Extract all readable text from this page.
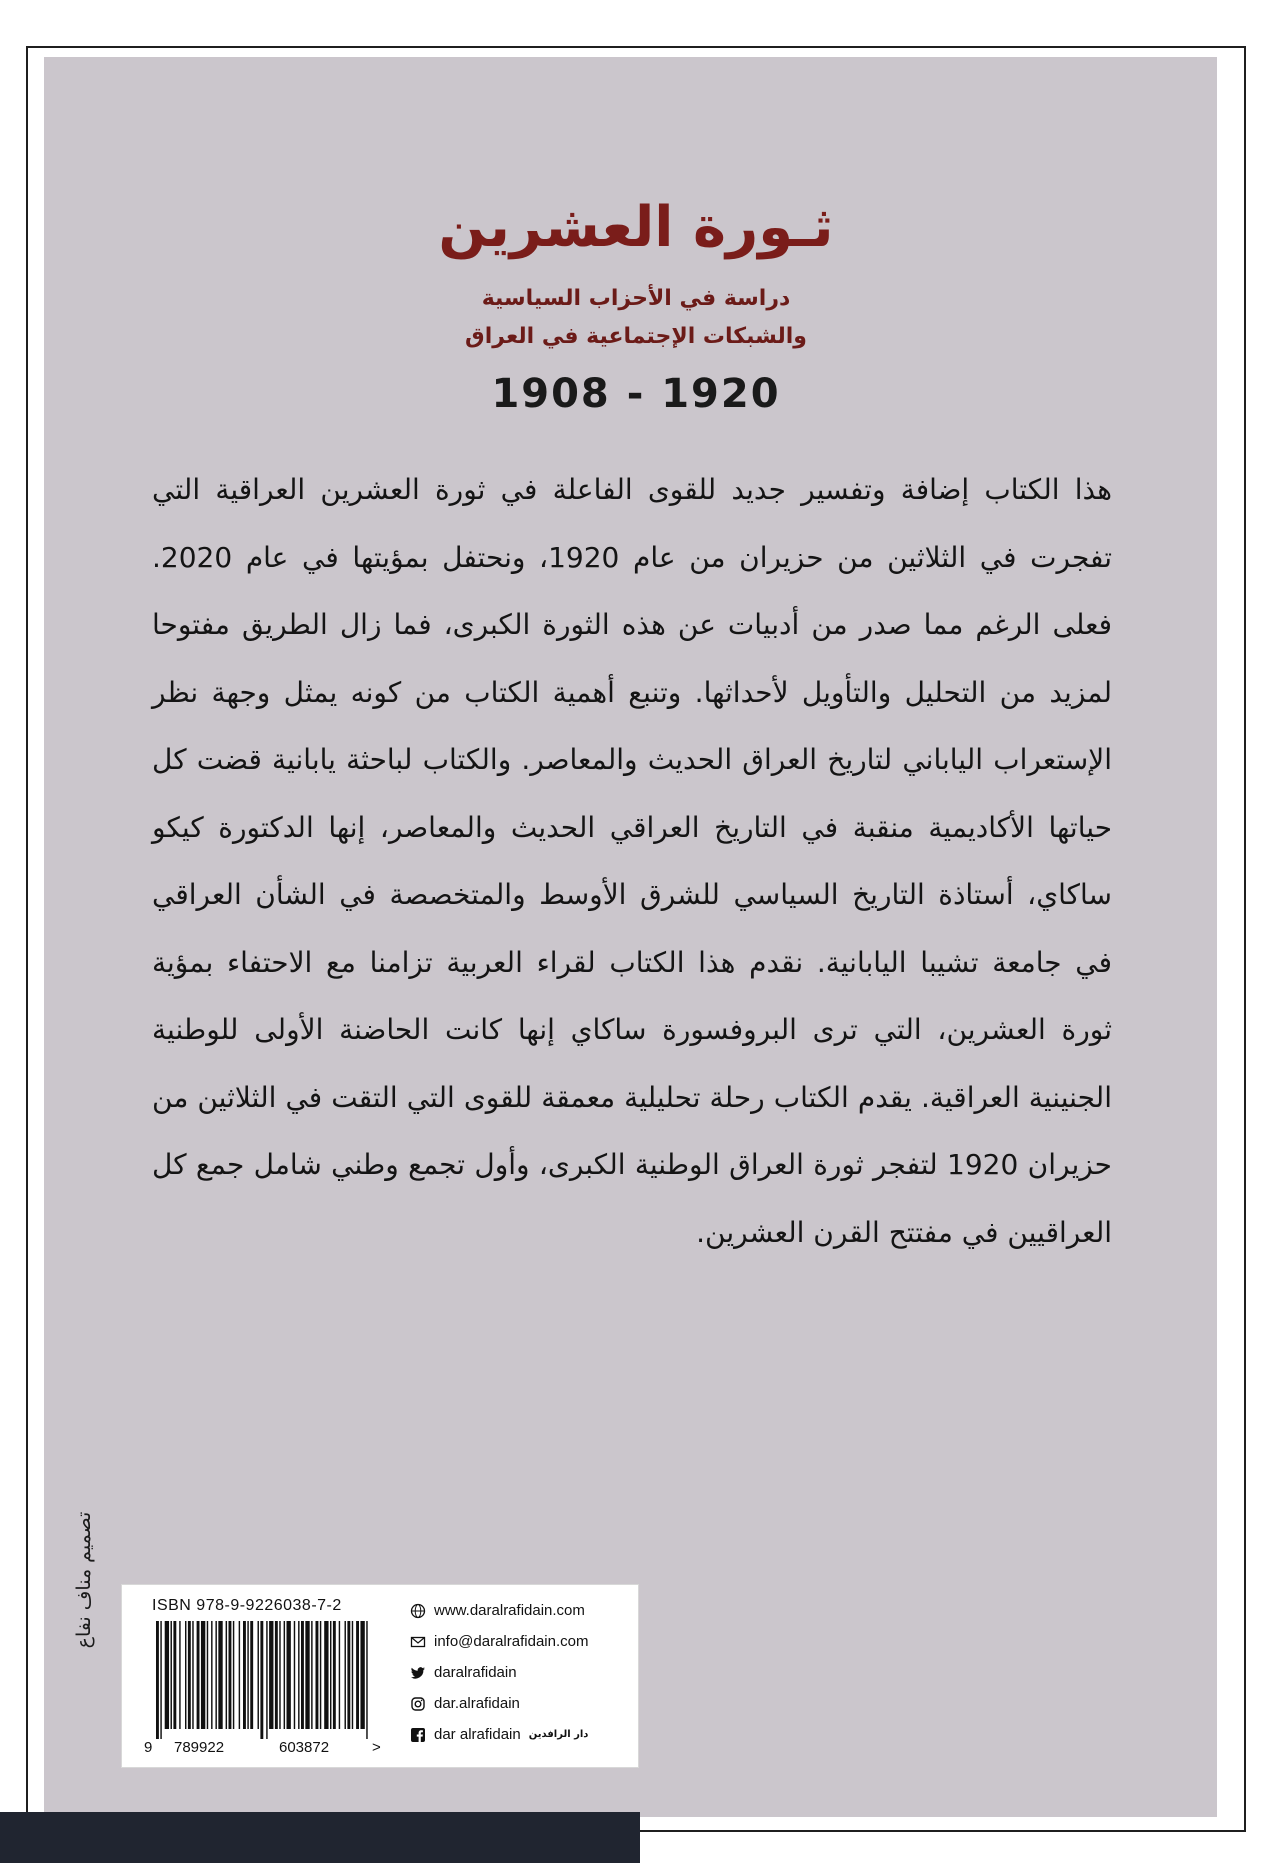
ثـورة العشرين
دراسة في الأحزاب السياسية
والشبكات الإجتماعية في العراق
1908 - 1920

هذا الكتاب إضافة وتفسير جديد للقوى الفاعلة في ثورة العشرين العراقية التي تفجرت في الثلاثين من حزيران من عام 1920، ونحتفل بمؤيتها في عام 2020. فعلى الرغم مما صدر من أدبيات عن هذه الثورة الكبرى، فما زال الطريق مفتوحا لمزيد من التحليل والتأويل لأحداثها. وتنبع أهمية الكتاب من كونه يمثل وجهة نظر الإستعراب الياباني لتاريخ العراق الحديث والمعاصر. والكتاب لباحثة يابانية قضت كل حياتها الأكاديمية منقبة في التاريخ العراقي الحديث والمعاصر، إنها الدكتورة كيكو ساكاي، أستاذة التاريخ السياسي للشرق الأوسط والمتخصصة في الشأن العراقي في جامعة تشيبا اليابانية. نقدم هذا الكتاب لقراء العربية تزامنا مع الاحتفاء بمؤية ثورة العشرين، التي ترى البروفسورة ساكاي إنها كانت الحاضنة الأولى للوطنية الجنينية العراقية. يقدم الكتاب رحلة تحليلية معمقة للقوى التي التقت في الثلاثين من حزيران 1920 لتفجر ثورة العراق الوطنية الكبرى، وأول تجمع وطني شامل جمع كل العراقيين في مفتتح القرن العشرين.

تصميم مناف نفاع	ISBN 978-9-9226038-7-2
9 789922	603872	>
www.daralrafidain.com
info@daralrafidain.com
daralrafidain
dar.alrafidain
dar alrafidain دار الرافدين
